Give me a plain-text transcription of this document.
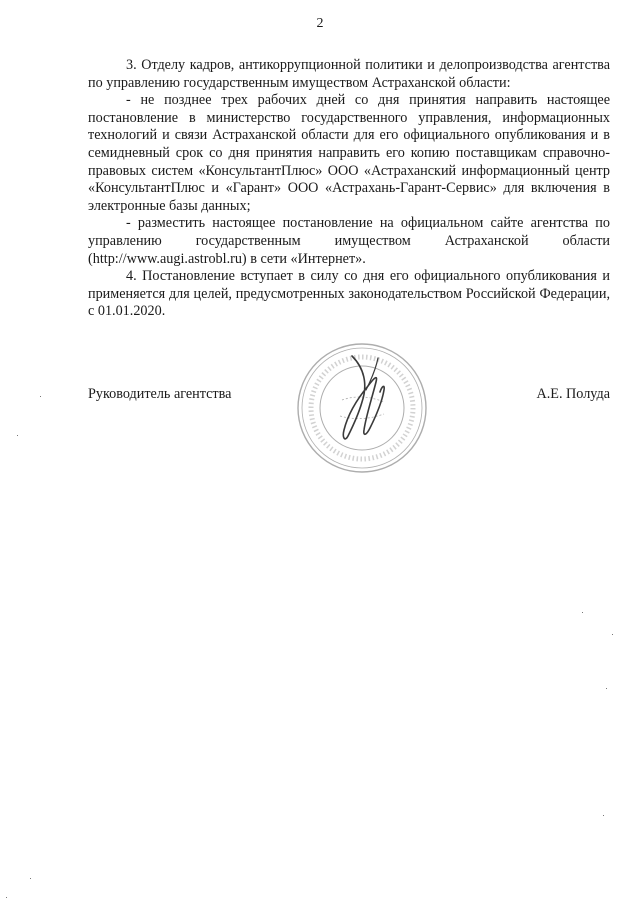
2

3. Отделу кадров, антикоррупционной политики и делопроизводства агентства по управлению государственным имуществом Астраханской области:

- не позднее трех рабочих дней со дня принятия направить настоящее постановление в министерство государственного управления, информационных технологий и связи Астраханской области для его официального опубликования и в семидневный срок со дня принятия направить его копию поставщикам справочно-правовых систем «КонсультантПлюс» ООО «Астраханский информационный центр «КонсультантПлюс и «Гарант» ООО «Астрахань-Гарант-Сервис» для включения в электронные базы данных;

- разместить настоящее постановление на официальном сайте агентства по управлению государственным имуществом Астраханской области (http://www.augi.astrobl.ru) в сети «Интернет».

4. Постановление вступает в силу со дня его официального опубликования и применяется для целей, предусмотренных законодательством Российской Федерации, с 01.01.2020.

Руководитель агентства	А.Е. Полуда
